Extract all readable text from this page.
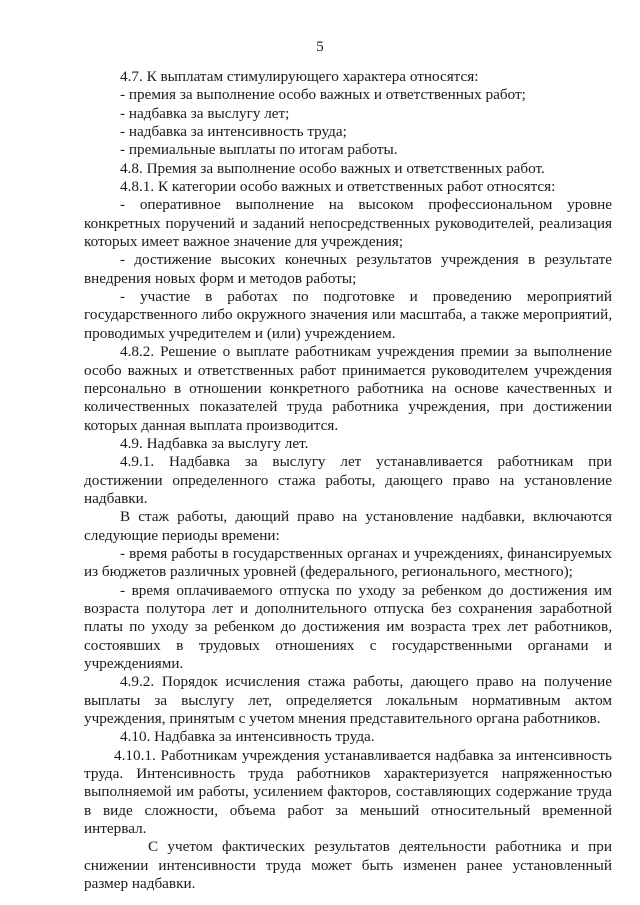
5

4.7. К выплатам стимулирующего характера относятся:

- премия за выполнение особо важных и ответственных работ;

- надбавка за выслугу лет;

- надбавка за интенсивность труда;

- премиальные выплаты по итогам работы.

4.8. Премия за выполнение особо важных и ответственных работ.

4.8.1. К категории особо важных и ответственных работ относятся:

- оперативное выполнение на высоком профессиональном уровне конкретных поручений и заданий непосредственных руководителей, реализация которых имеет важное значение для учреждения;

- достижение высоких конечных результатов учреждения в результате внедрения новых форм и методов работы;

- участие в работах по подготовке и проведению мероприятий государственного либо окружного значения или масштаба, а также мероприятий, проводимых учредителем и (или) учреждением.

4.8.2. Решение о выплате работникам учреждения премии за выполнение особо важных и ответственных работ принимается руководителем учреждения персонально в отношении конкретного работника на основе качественных и количественных показателей труда работника учреждения, при достижении которых данная выплата производится.

4.9. Надбавка за выслугу лет.

4.9.1. Надбавка за выслугу лет устанавливается работникам при достижении определенного стажа работы, дающего право на установление надбавки.

В стаж работы, дающий право на установление надбавки, включаются следующие периоды времени:

- время работы в государственных органах и учреждениях, финансируемых из бюджетов различных уровней (федерального, регионального, местного);

- время оплачиваемого отпуска по уходу за ребенком до достижения им возраста полутора лет и дополнительного отпуска без сохранения заработной платы по уходу за ребенком до достижения им возраста трех лет работников, состоявших в трудовых отношениях с государственными органами и учреждениями.

4.9.2. Порядок исчисления стажа работы, дающего право на получение выплаты за выслугу лет, определяется локальным нормативным актом учреждения, принятым с учетом мнения представительного органа работников.

4.10. Надбавка за интенсивность труда.

4.10.1. Работникам учреждения устанавливается надбавка за интенсивность труда. Интенсивность труда работников характеризуется напряженностью выполняемой им работы, усилением факторов, составляющих содержание труда в виде сложности, объема работ за меньший относительный временной интервал.

С учетом фактических результатов деятельности работника и при снижении интенсивности труда может быть изменен ранее установленный размер надбавки.
